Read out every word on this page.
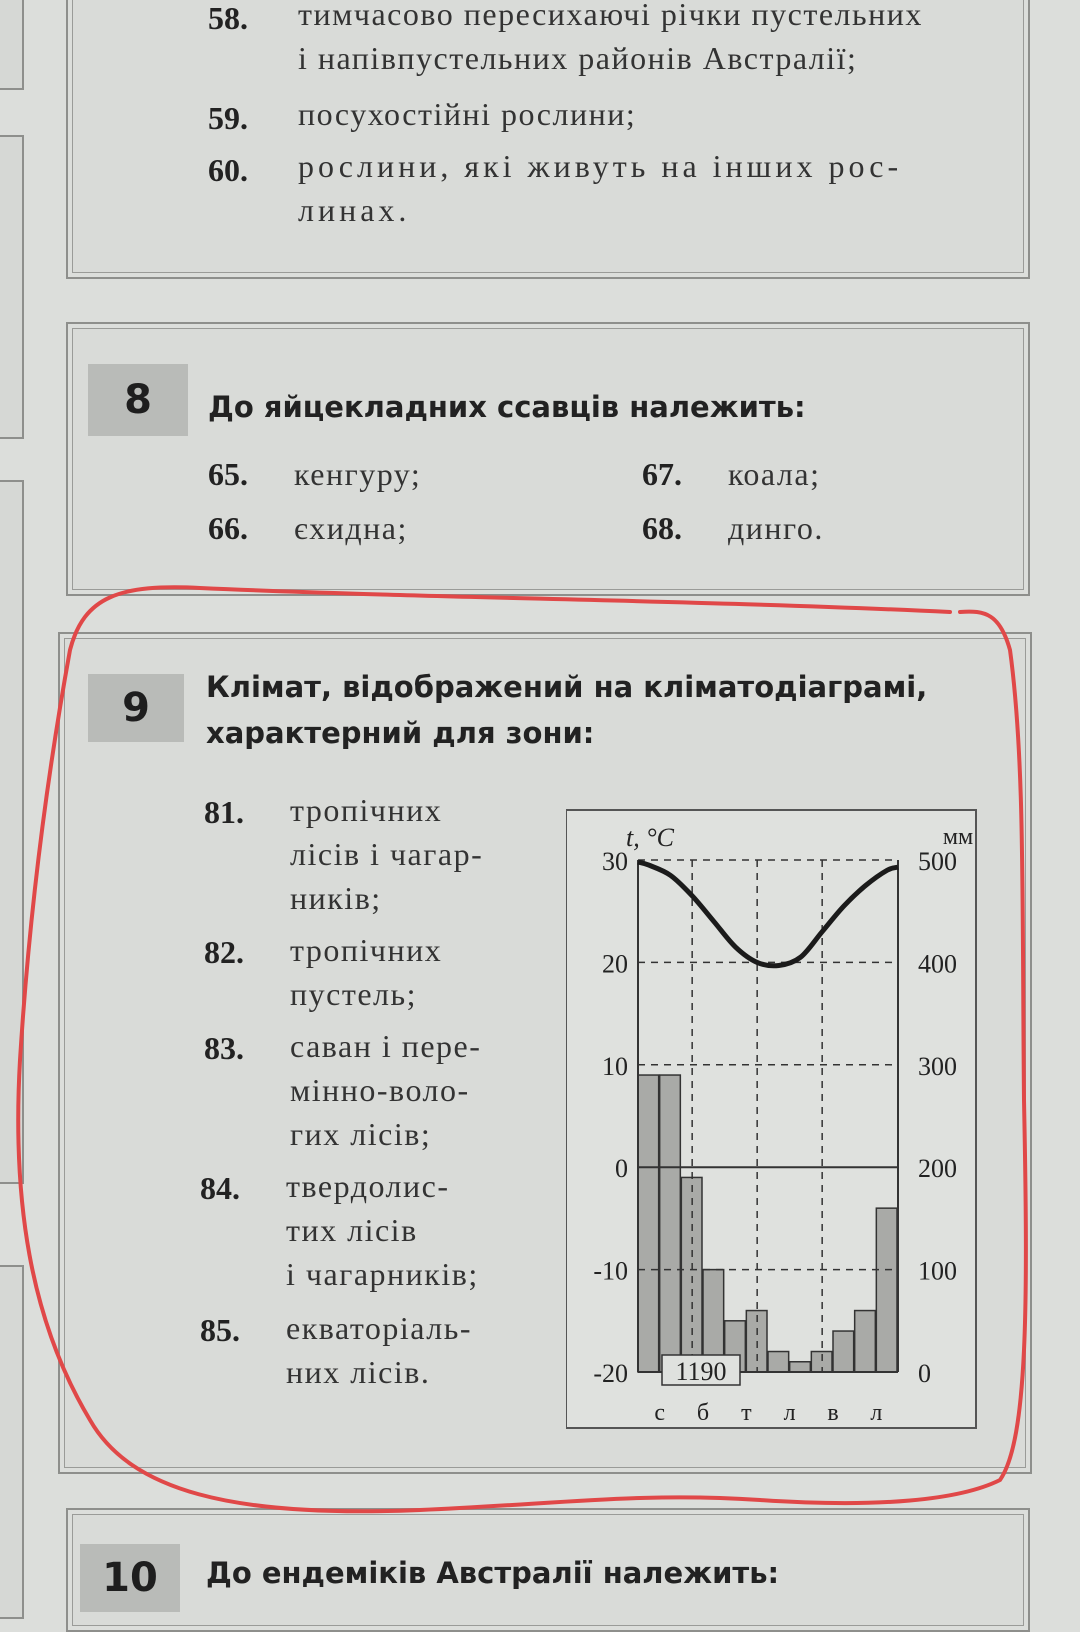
58. тимчасово пересихаючі річки пустельних
і напівпустельних районів Австралії;
59. посухостійні рослини;
60. рослини, які живуть на інших рос-
линах.
8	До яйцекладних ссавців належить:
65. кенгуру;
66. єхидна;
67. коала;
68. динго.
9	Клімат, відображений на кліматодіаграмі,
характерний для зони:
81. тропічних
лісів і чагар-
ників;
82. тропічних
пустель;
83. саван і пере-
мінно-воло-
гих лісів;
84. твердолис-
тих лісів
і чагарників;
85. екваторіаль-
них лісів.
30
20
10
0
-10
-20
500
400
300
200
100
0
t, °C	мм
с б т л в л
1190
10	До ендеміків Австралії належить:
